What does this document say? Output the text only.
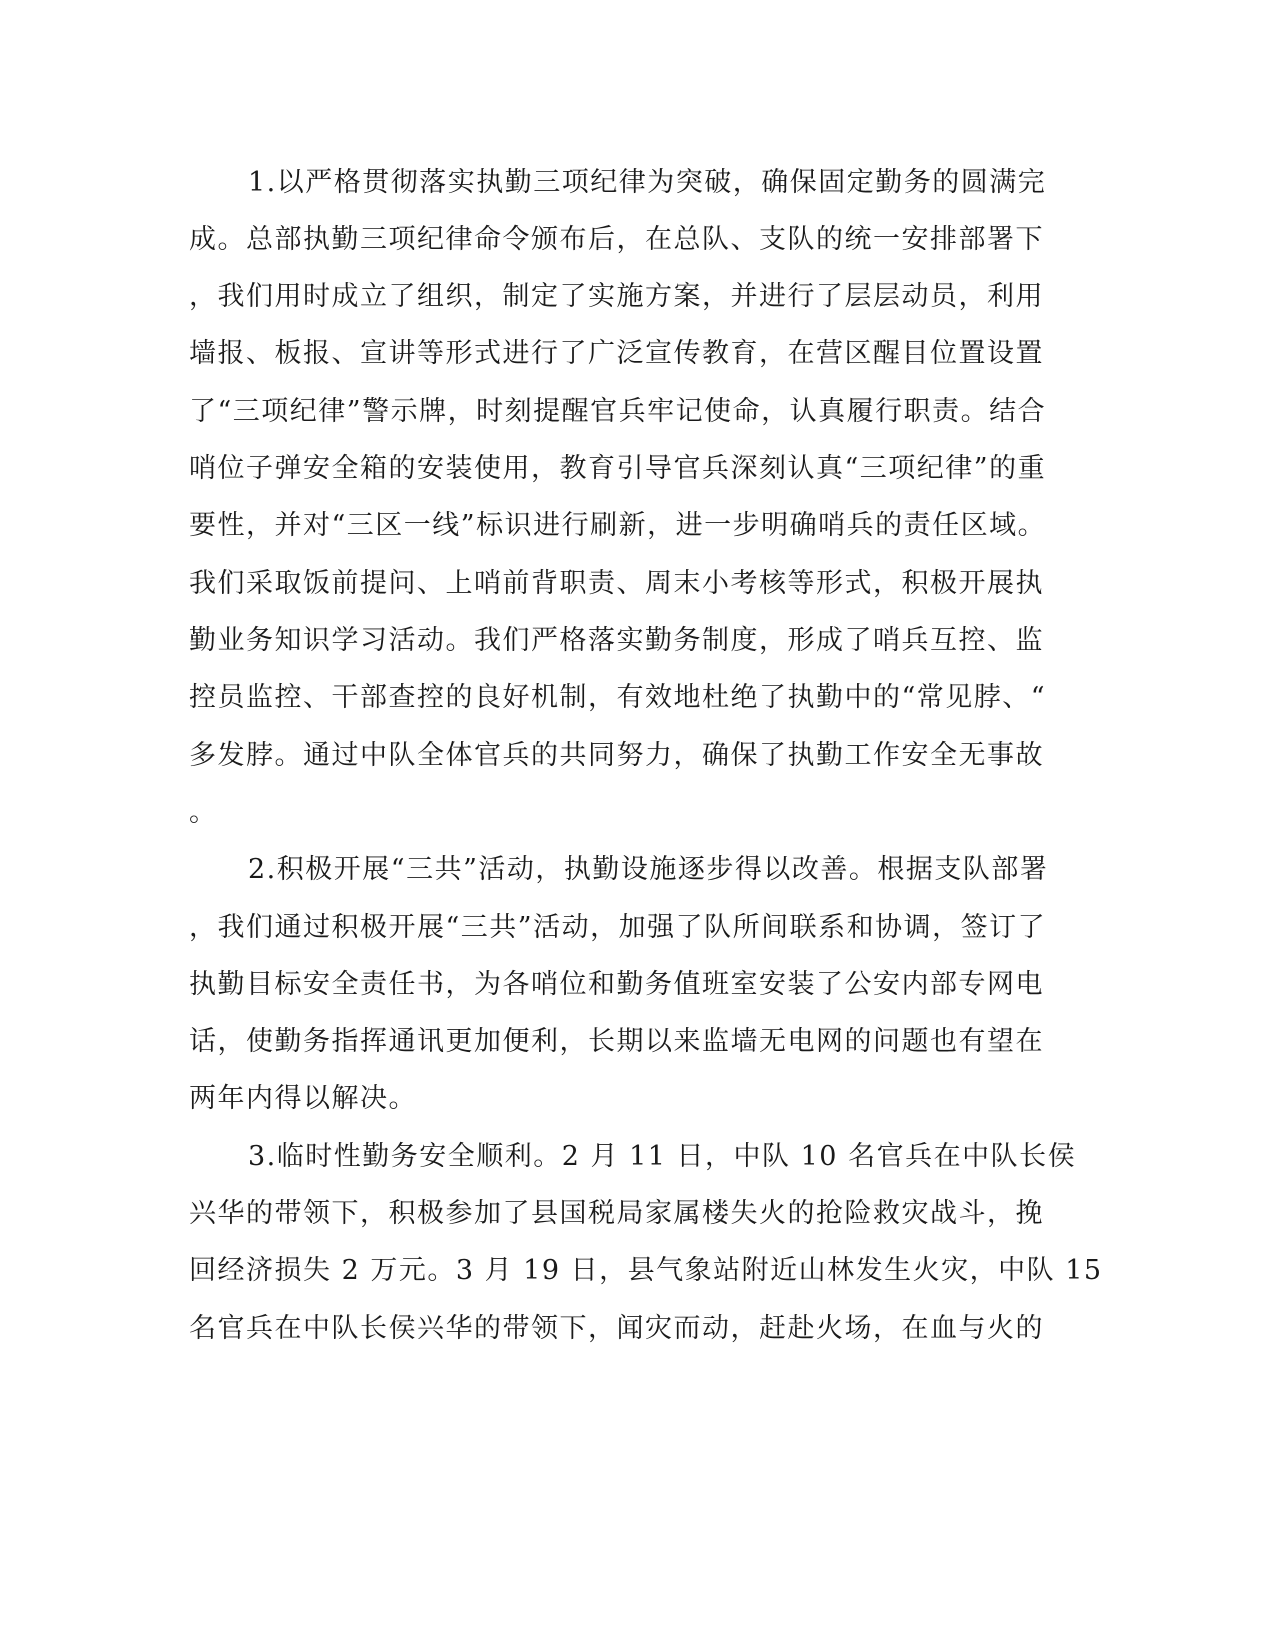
1.以严格贯彻落实执勤三项纪律为突破，确保固定勤务的圆满完
成。总部执勤三项纪律命令颁布后，在总队、支队的统一安排部署下
，我们用时成立了组织，制定了实施方案，并进行了层层动员，利用
墙报、板报、宣讲等形式进行了广泛宣传教育，在营区醒目位置设置
了“三项纪律”警示牌，时刻提醒官兵牢记使命，认真履行职责。结合
哨位子弹安全箱的安装使用，教育引导官兵深刻认真“三项纪律”的重
要性，并对“三区一线”标识进行刷新，进一步明确哨兵的责任区域。
我们采取饭前提问、上哨前背职责、周末小考核等形式，积极开展执
勤业务知识学习活动。我们严格落实勤务制度，形成了哨兵互控、监
控员监控、干部查控的良好机制，有效地杜绝了执勤中的“常见脖、“
多发脖。通过中队全体官兵的共同努力，确保了执勤工作安全无事故
。
2.积极开展“三共”活动，执勤设施逐步得以改善。根据支队部署
，我们通过积极开展“三共”活动，加强了队所间联系和协调，签订了
执勤目标安全责任书，为各哨位和勤务值班室安装了公安内部专网电
话，使勤务指挥通讯更加便利，长期以来监墙无电网的问题也有望在
两年内得以解决。
3.临时性勤务安全顺利。2 月 11 日，中队 10 名官兵在中队长侯
兴华的带领下，积极参加了县国税局家属楼失火的抢险救灾战斗，挽
回经济损失 2 万元。3 月 19 日，县气象站附近山林发生火灾，中队 15
名官兵在中队长侯兴华的带领下，闻灾而动，赶赴火场，在血与火的
